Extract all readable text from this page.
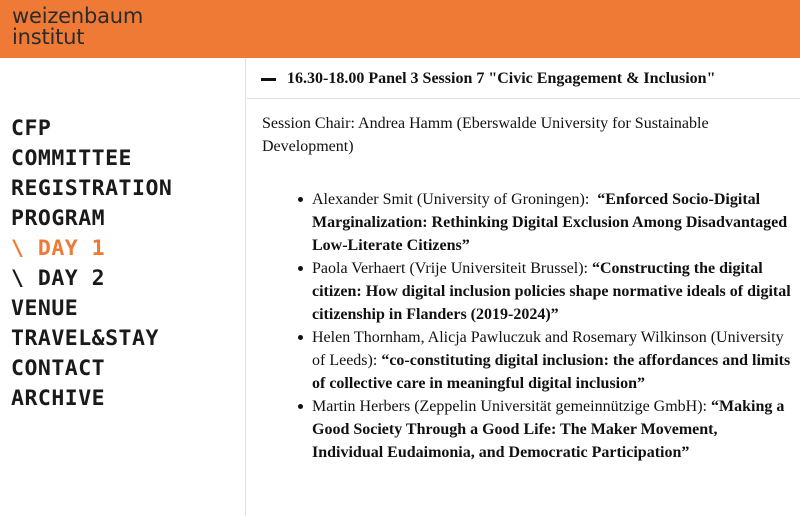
weizenbaum
institut
CFP
COMMITTEE
REGISTRATION
PROGRAM
\ DAY 1
\ DAY 2
VENUE
TRAVEL&STAY
CONTACT
ARCHIVE
16.30-18.00 Panel 3 Session 7 "Civic Engagement & Inclusion"

Session Chair: Andrea Hamm (Eberswalde University for Sustainable Development)

Alexander Smit (University of Groningen): “Enforced Socio-Digital Marginalization: Rethinking Digital Exclusion Among Disadvantaged Low-Literate Citizens”
Paola Verhaert (Vrije Universiteit Brussel): “Constructing the digital citizen: How digital inclusion policies shape normative ideals of digital citizenship in Flanders (2019-2024)”
Helen Thornham, Alicja Pawluczuk and Rosemary Wilkinson (University of Leeds): “co-constituting digital inclusion: the affordances and limits of collective care in meaningful digital inclusion”
Martin Herbers (Zeppelin Universität gemeinnützige GmbH): “Making a Good Society Through a Good Life: The Maker Movement, Individual Eudaimonia, and Democratic Participation”
